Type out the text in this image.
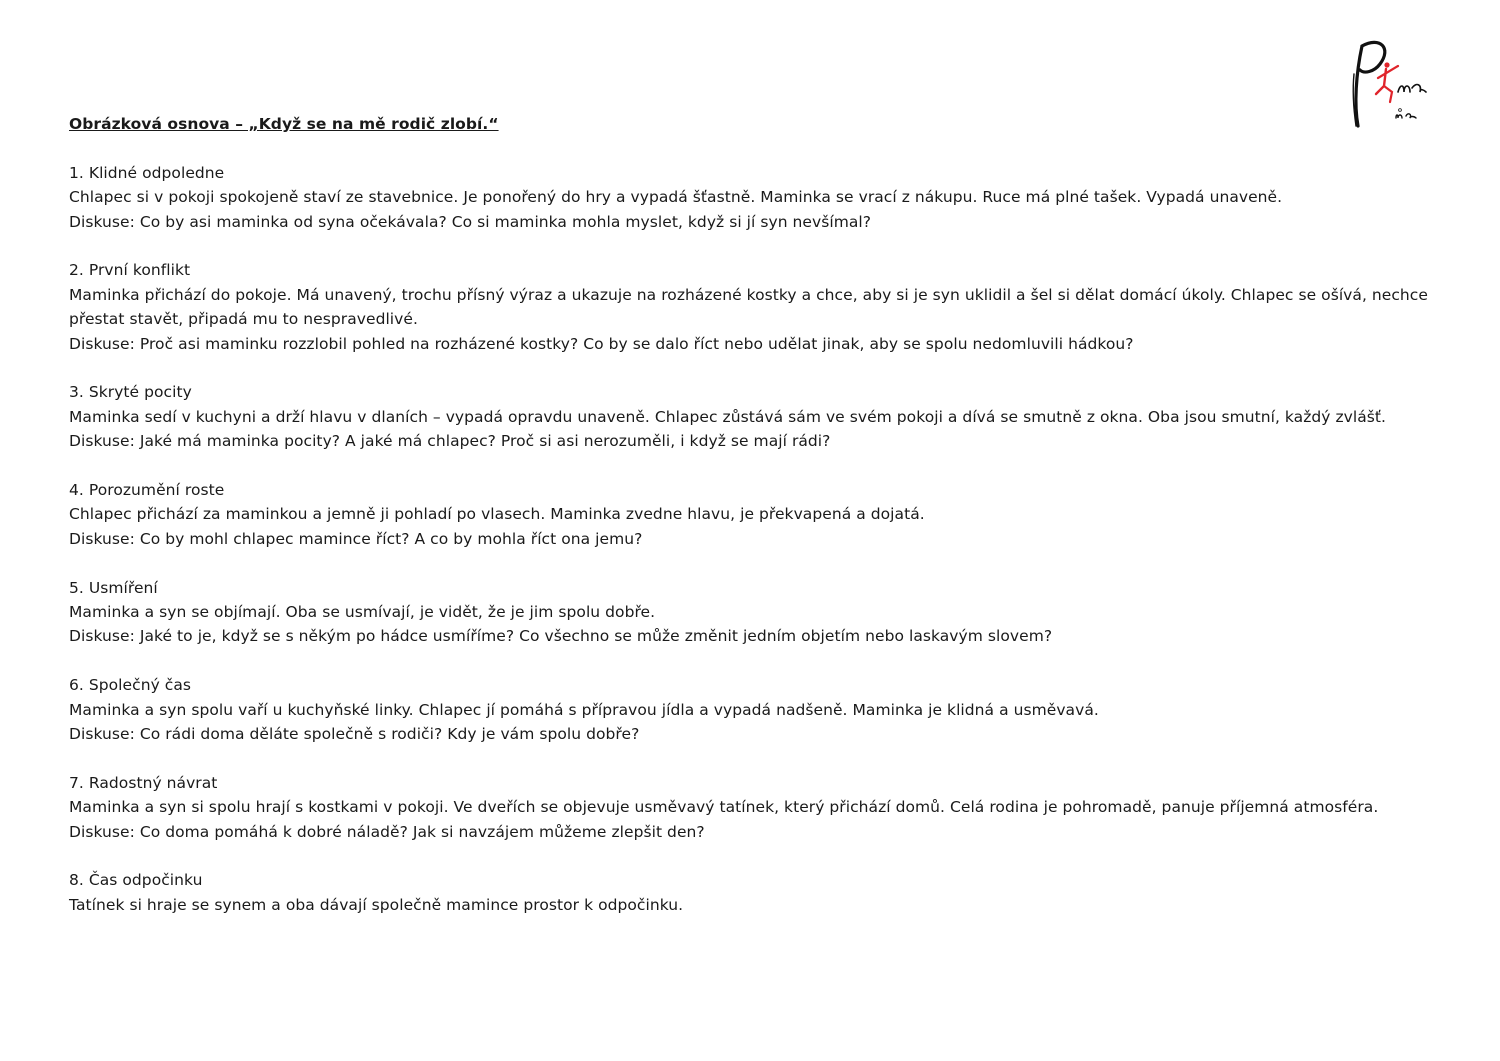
Prima ůča
Obrázková osnova – „Když se na mě rodič zlobí.“

1. Klidné odpoledne

Chlapec si v pokoji spokojeně staví ze stavebnice. Je ponořený do hry a vypadá šťastně. Maminka se vrací z nákupu. Ruce má plné tašek. Vypadá unaveně.

Diskuse: Co by asi maminka od syna očekávala? Co si maminka mohla myslet, když si jí syn nevšímal?

2. První konflikt

Maminka přichází do pokoje. Má unavený, trochu přísný výraz a ukazuje na rozházené kostky a chce, aby si je syn uklidil a šel si dělat domácí úkoly. Chlapec se ošívá, nechce přestat stavět, připadá mu to nespravedlivé.

Diskuse: Proč asi maminku rozzlobil pohled na rozházené kostky? Co by se dalo říct nebo udělat jinak, aby se spolu nedomluvili hádkou?

3. Skryté pocity

Maminka sedí v kuchyni a drží hlavu v dlaních – vypadá opravdu unaveně. Chlapec zůstává sám ve svém pokoji a dívá se smutně z okna. Oba jsou smutní, každý zvlášť.

Diskuse: Jaké má maminka pocity? A jaké má chlapec? Proč si asi nerozuměli, i když se mají rádi?

4. Porozumění roste

Chlapec přichází za maminkou a jemně ji pohladí po vlasech. Maminka zvedne hlavu, je překvapená a dojatá.

Diskuse: Co by mohl chlapec mamince říct? A co by mohla říct ona jemu?

5. Usmíření

Maminka a syn se objímají. Oba se usmívají, je vidět, že je jim spolu dobře.

Diskuse: Jaké to je, když se s někým po hádce usmíříme? Co všechno se může změnit jedním objetím nebo laskavým slovem?

6. Společný čas

Maminka a syn spolu vaří u kuchyňské linky. Chlapec jí pomáhá s přípravou jídla a vypadá nadšeně. Maminka je klidná a usměvavá.

Diskuse: Co rádi doma děláte společně s rodiči? Kdy je vám spolu dobře?

7. Radostný návrat

Maminka a syn si spolu hrají s kostkami v pokoji. Ve dveřích se objevuje usměvavý tatínek, který přichází domů. Celá rodina je pohromadě, panuje příjemná atmosféra.

Diskuse: Co doma pomáhá k dobré náladě? Jak si navzájem můžeme zlepšit den?

8. Čas odpočinku

Tatínek si hraje se synem a oba dávají společně mamince prostor k odpočinku.
